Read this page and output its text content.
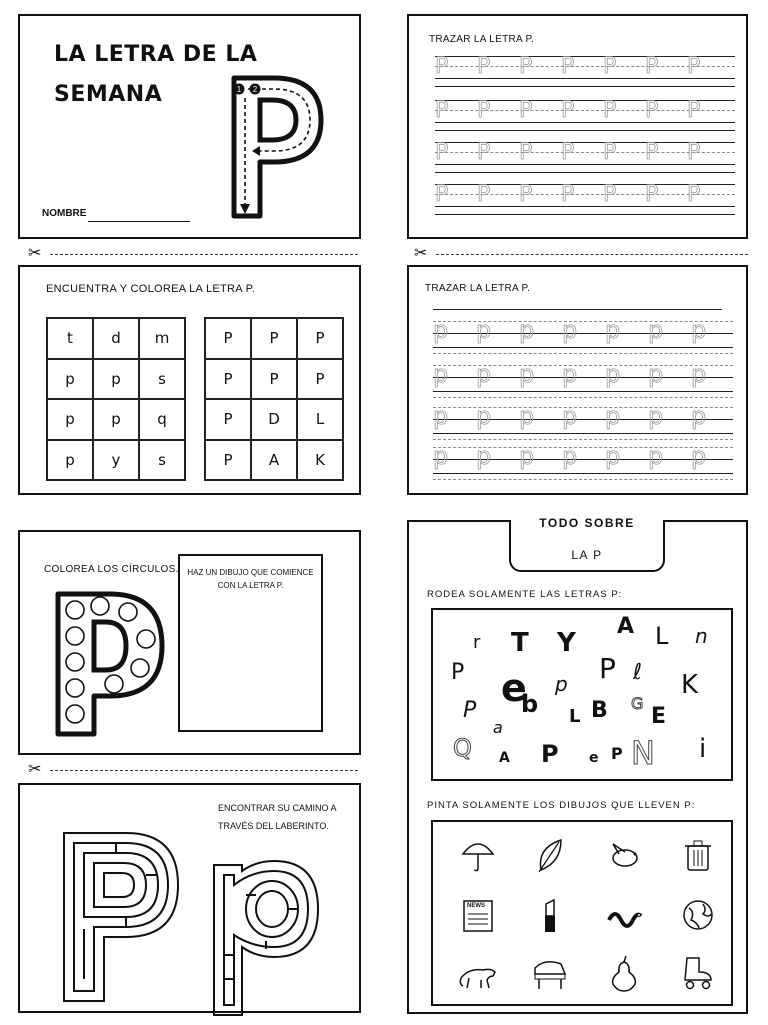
LA LETRA DE LA
SEMANA	1 2
NOMBRE
TRAZAR LA LETRA P.
P P P P P P P
P P P P P P P
P P P P P P P
P P P P P P P
✂	✂
ENCUENTRA Y COLOREA LA LETRA P.
t	d	m
p	p	s
p	p	q
p	y	s
P	P	P
P	P	P
P	D	L
P	A	K
TRAZAR LA LETRA P.
p p p p p p p
p p p p p p p
p p p p p p p
p p p p p p p
COLOREA LOS CÍRCULOS.	HAZ UN DIBUJO QUE COMIENCE
CON LA LETRA P.
✂
ENCONTRAR SU CAMINO A
TRAVÉS DEL LABERINTO.
TODO SOBRE
LA P
RODEA SOLAMENTE LAS LETRAS P:
r T Y
A L n
P e p P ℓ K
P
a
b L B G
E
Q A P e P N i
PINTA SOLAMENTE LOS DIBUJOS QUE LLEVEN P:
NEWS
